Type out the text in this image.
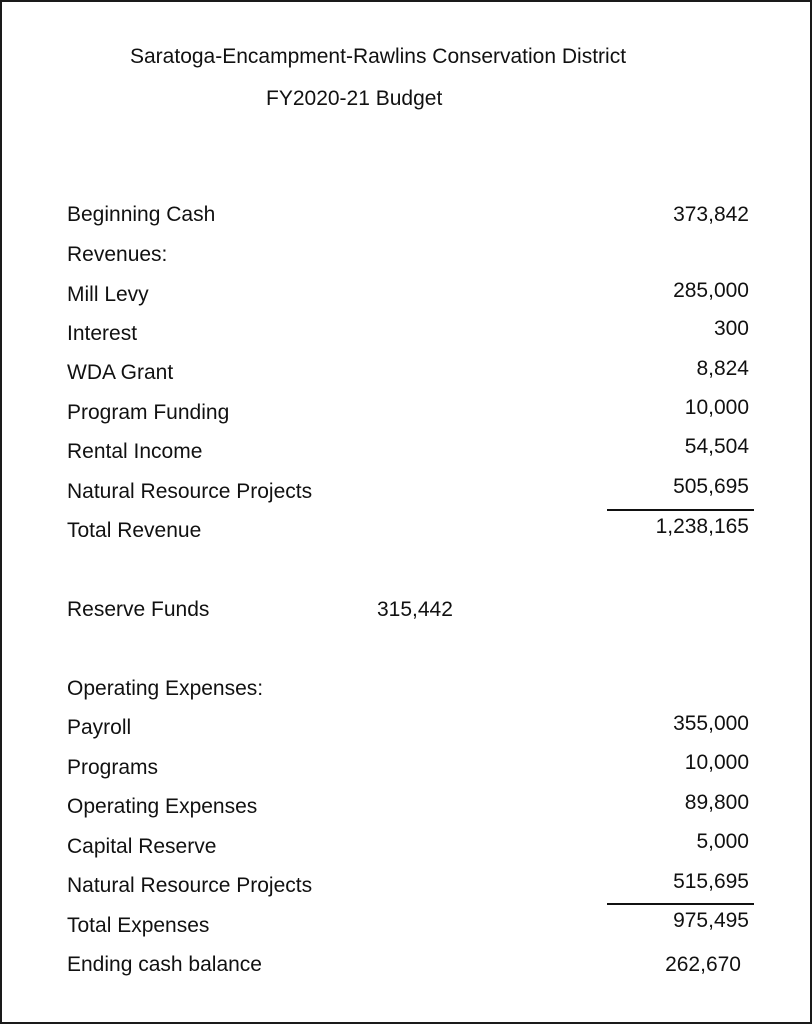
Saratoga-Encampment-Rawlins Conservation District
FY2020-21 Budget
Beginning Cash	373,842
Revenues:
Mill Levy	285,000
Interest	300
WDA Grant	8,824
Program Funding	10,000
Rental Income	54,504
Natural Resource Projects	505,695
Total Revenue	1,238,165
Reserve Funds	315,442
Operating Expenses:
Payroll	355,000
Programs	10,000
Operating Expenses	89,800
Capital Reserve	5,000
Natural Resource Projects	515,695
Total Expenses	975,495
Ending cash balance	262,670
